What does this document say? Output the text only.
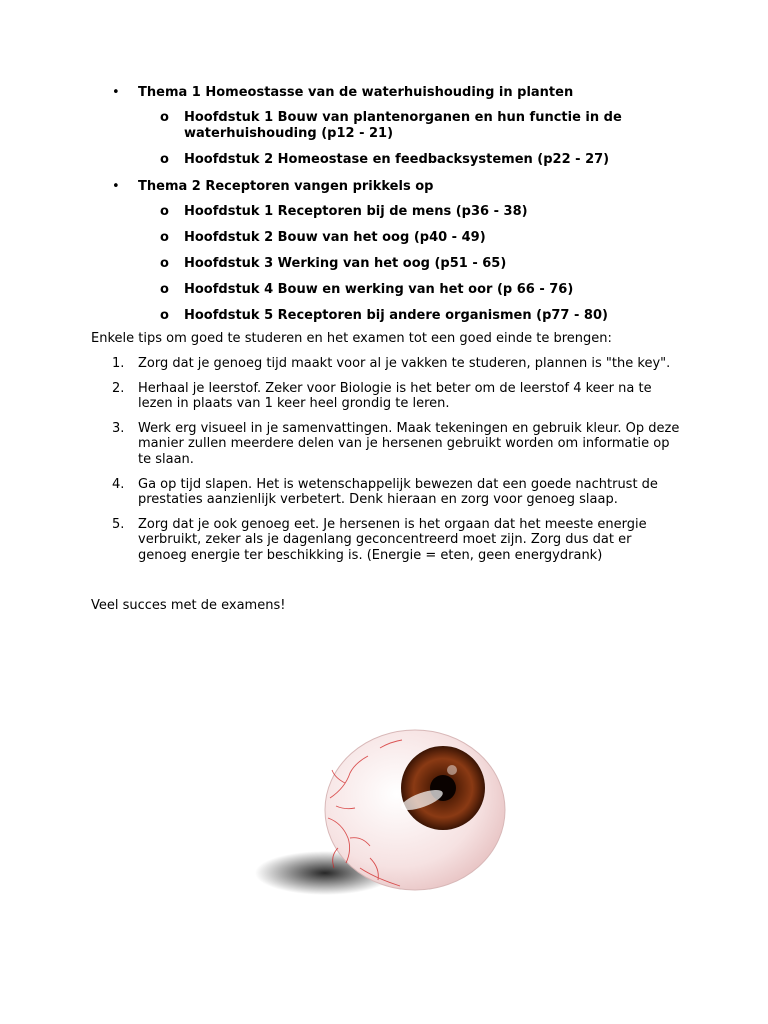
• Thema 1 Homeostasse van de waterhuishouding in planten
o Hoofdstuk 1 Bouw van plantenorganen en hun functie in de waterhuishouding (p12 - 21)
o Hoofdstuk 2 Homeostase en feedbacksystemen (p22 - 27)
• Thema 2 Receptoren vangen prikkels op
o Hoofdstuk 1 Receptoren bij de mens (p36 - 38)
o Hoofdstuk 2 Bouw van het oog (p40 - 49)
o Hoofdstuk 3 Werking van het oog (p51 - 65)
o Hoofdstuk 4 Bouw en werking van het oor (p 66 - 76)
o Hoofdstuk 5 Receptoren bij andere organismen (p77 - 80)
Enkele tips om goed te studeren en het examen tot een goed einde te brengen:
1. Zorg dat je genoeg tijd maakt voor al je vakken te studeren, plannen is "the key".
2. Herhaal je leerstof. Zeker voor Biologie is het beter om de leerstof 4 keer na te lezen in plaats van 1 keer heel grondig te leren.
3. Werk erg visueel in je samenvattingen. Maak tekeningen en gebruik kleur. Op deze manier zullen meerdere delen van je hersenen gebruikt worden om informatie op te slaan.
4. Ga op tijd slapen. Het is wetenschappelijk bewezen dat een goede nachtrust de prestaties aanzienlijk verbetert. Denk hieraan en zorg voor genoeg slaap.
5. Zorg dat je ook genoeg eet. Je hersenen is het orgaan dat het meeste energie verbruikt, zeker als je dagenlang geconcentreerd moet zijn. Zorg dus dat er genoeg energie ter beschikking is. (Energie = eten, geen energydrank)
Veel succes met de examens!
